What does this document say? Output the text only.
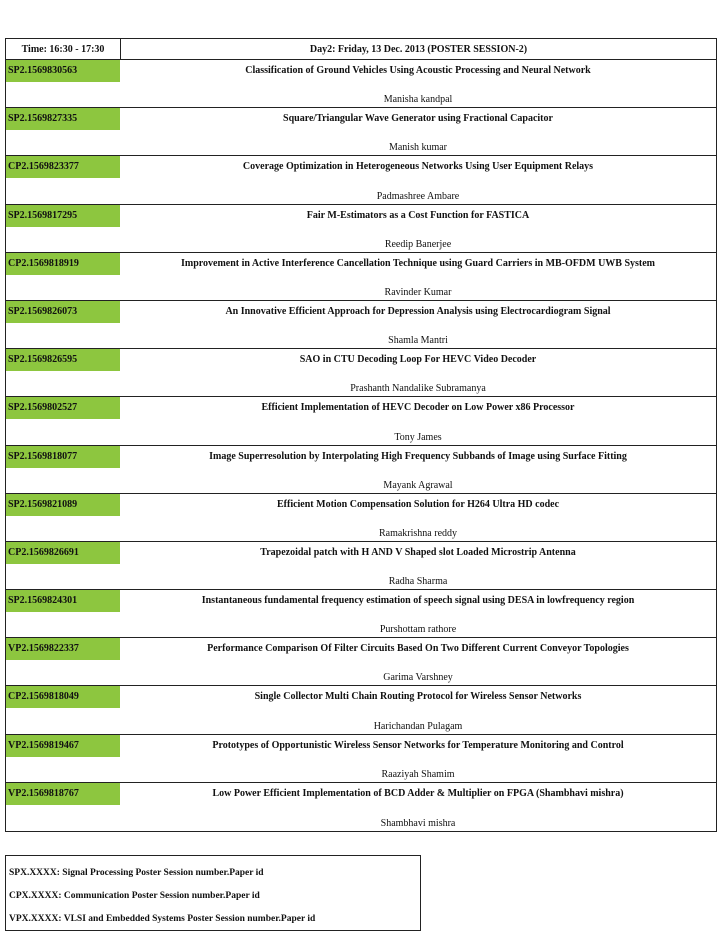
Time: 16:30 - 17:30	Day2: Friday, 13 Dec. 2013 (POSTER SESSION-2)
SP2.1569830563	Classification of Ground Vehicles Using Acoustic Processing and Neural Network
Manisha kandpal
SP2.1569827335	Square/Triangular Wave Generator using Fractional Capacitor
Manish kumar
CP2.1569823377	Coverage Optimization in Heterogeneous Networks Using User Equipment Relays
Padmashree Ambare
SP2.1569817295	Fair M-Estimators as a Cost Function for FASTICA
Reedip Banerjee
CP2.1569818919	Improvement in Active Interference Cancellation Technique using Guard Carriers in MB-OFDM UWB System
Ravinder Kumar
SP2.1569826073	An Innovative Efficient Approach for Depression Analysis using Electrocardiogram Signal
Shamla Mantri
SP2.1569826595	SAO in CTU Decoding Loop For HEVC Video Decoder
Prashanth Nandalike Subramanya
SP2.1569802527	Efficient Implementation of HEVC Decoder on Low Power x86 Processor
Tony James
SP2.1569818077	Image Superresolution by Interpolating High Frequency Subbands of Image using Surface Fitting
Mayank Agrawal
SP2.1569821089	Efficient Motion Compensation Solution for H264 Ultra HD codec
Ramakrishna reddy
CP2.1569826691	Trapezoidal patch with H AND V Shaped slot Loaded Microstrip Antenna
Radha Sharma
SP2.1569824301	Instantaneous fundamental frequency estimation of speech signal using DESA in lowfrequency region
Purshottam rathore
VP2.1569822337	Performance Comparison Of Filter Circuits Based On Two Different Current Conveyor Topologies
Garima Varshney
CP2.1569818049	Single Collector Multi Chain Routing Protocol for Wireless Sensor Networks
Harichandan Pulagam
VP2.1569819467	Prototypes of Opportunistic Wireless Sensor Networks for Temperature Monitoring and Control
Raaziyah Shamim
VP2.1569818767	Low Power Efficient Implementation of BCD Adder & Multiplier on FPGA (Shambhavi mishra)
Shambhavi mishra
SPX.XXXX: Signal Processing Poster Session number.Paper id
CPX.XXXX: Communication Poster Session number.Paper id
VPX.XXXX: VLSI and Embedded Systems Poster Session number.Paper id
